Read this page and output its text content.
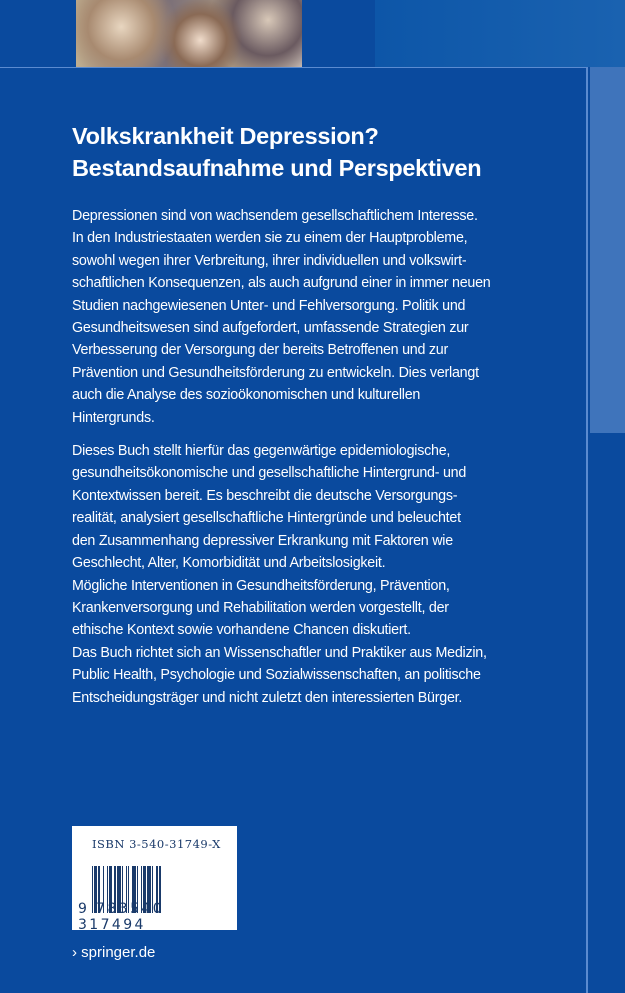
Volkskrankheit Depression?
Bestandsaufnahme und Perspektiven

Depressionen sind von wachsendem gesellschaftlichem Interesse.
In den Industriestaaten werden sie zu einem der Hauptprobleme,
sowohl wegen ihrer Verbreitung, ihrer individuellen und volkswirt-
schaftlichen Konsequenzen, als auch aufgrund einer in immer neuen
Studien nachgewiesenen Unter- und Fehlversorgung. Politik und
Gesundheitswesen sind aufgefordert, umfassende Strategien zur
Verbesserung der Versorgung der bereits Betroffenen und zur
Prävention und Gesundheitsförderung zu entwickeln. Dies verlangt
auch die Analyse des sozioökonomischen und kulturellen
Hintergrunds.

Dieses Buch stellt hierfür das gegenwärtige epidemiologische,
gesundheitsökonomische und gesellschaftliche Hintergrund- und
Kontextwissen bereit. Es beschreibt die deutsche Versorgungs-
realität, analysiert gesellschaftliche Hintergründe und beleuchtet
den Zusammenhang depressiver Erkrankung mit Faktoren wie
Geschlecht, Alter, Komorbidität und Arbeitslosigkeit.
Mögliche Interventionen in Gesundheitsförderung, Prävention,
Krankenversorgung und Rehabilitation werden vorgestellt, der
ethische Kontext sowie vorhandene Chancen diskutiert.
Das Buch richtet sich an Wissenschaftler und Praktiker aus Medizin,
Public Health, Psychologie und Sozialwissenschaften, an politische
Entscheidungsträger und nicht zuletzt den interessierten Bürger.

ISBN 3-540-31749-X
9 783540 317494
› springer.de
